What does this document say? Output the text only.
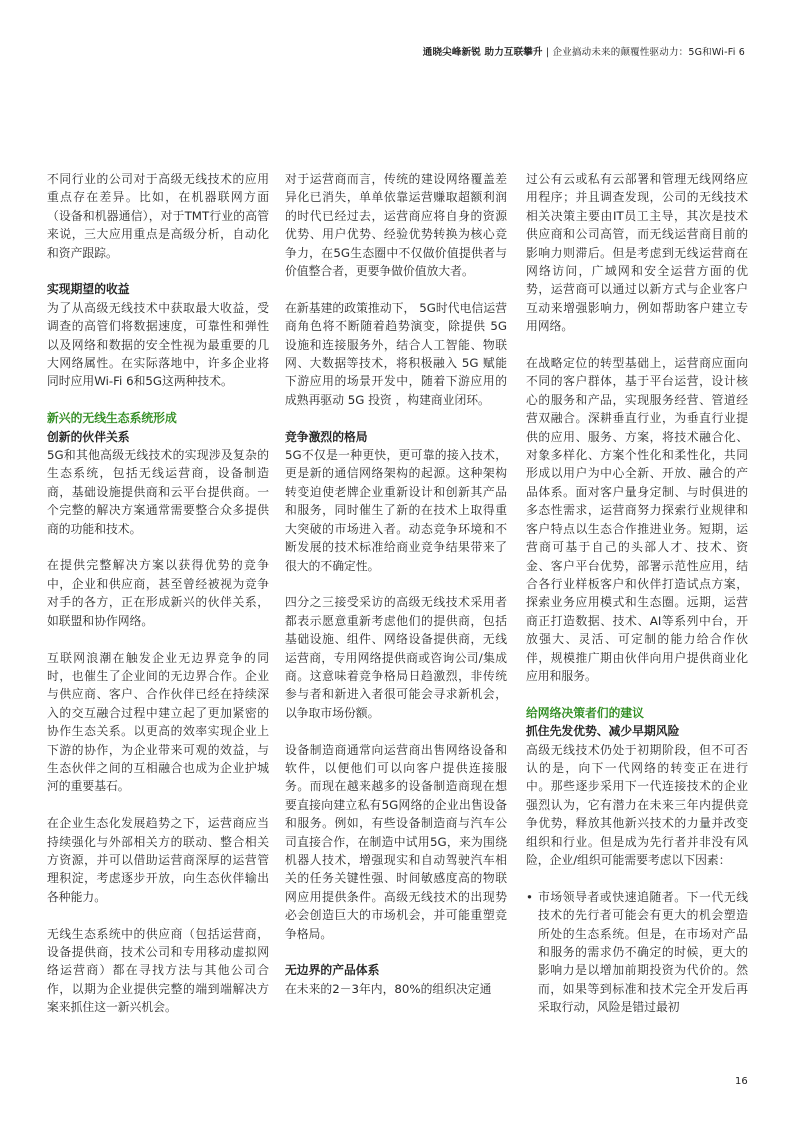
通晓尖峰新锐 助力互联攀升 | 企业搞动未来的颠覆性驱动力：5G和Wi-Fi 6

不同行业的公司对于高级无线技术的应用重点存在差异。比如，在机器联网方面（设备和机器通信），对于TMT行业的高管来说，三大应用重点是高级分析，自动化和资产跟踪。

实现期望的收益

为了从高级无线技术中获取最大收益，受调查的高管们将数据速度，可靠性和弹性以及网络和数据的安全性视为最重要的几大网络属性。在实际落地中，许多企业将同时应用Wi-Fi 6和5G这两种技术。

新兴的无线生态系统形成
创新的伙伴关系

5G和其他高级无线技术的实现涉及复杂的生态系统，包括无线运营商，设备制造商，基础设施提供商和云平台提供商。一个完整的解决方案通常需要整合众多提供商的功能和技术。

在提供完整解决方案以获得优势的竞争中，企业和供应商，甚至曾经被视为竞争对手的各方，正在形成新兴的伙伴关系，如联盟和协作网络。

互联网浪潮在触发企业无边界竞争的同时，也催生了企业间的无边界合作。企业与供应商、客户、合作伙伴已经在持续深入的交互融合过程中建立起了更加紧密的协作生态关系。以更高的效率实现企业上下游的协作，为企业带来可观的效益，与生态伙伴之间的互相融合也成为企业护城河的重要基石。

在企业生态化发展趋势之下，运营商应当持续强化与外部相关方的联动、整合相关方资源，并可以借助运营商深厚的运营管理积淀，考虑逐步开放，向生态伙伴输出各种能力。

无线生态系统中的供应商（包括运营商，设备提供商，技术公司和专用移动虚拟网络运营商）都在寻找方法与其他公司合作，以期为企业提供完整的端到端解决方案来抓住这一新兴机会。

对于运营商而言，传统的建设网络覆盖差异化已消失，单单依靠运营赚取超额利润的时代已经过去，运营商应将自身的资源优势、用户优势、经验优势转换为核心竞争力，在5G生态圈中不仅做价值提供者与价值整合者，更要争做价值放大者。

在新基建的政策推动下， 5G时代电信运营商角色将不断随着趋势演变，除提供 5G 设施和连接服务外，结合人工智能、物联网、大数据等技术，将积极融入 5G 赋能下游应用的场景开发中，随着下游应用的成熟再驱动 5G 投资 ，构建商业闭环。

竞争激烈的格局

5G不仅是一种更快，更可靠的接入技术，更是新的通信网络架构的起源。这种架构转变迫使老牌企业重新设计和创新其产品和服务，同时催生了新的在技术上取得重大突破的市场进入者。动态竞争环境和不断发展的技术标准给商业竞争结果带来了很大的不确定性。

四分之三接受采访的高级无线技术采用者都表示愿意重新考虑他们的提供商，包括基础设施、组件、网络设备提供商，无线运营商，专用网络提供商或咨询公司/集成商。这意味着竞争格局日趋激烈，非传统参与者和新进入者很可能会寻求新机会，以争取市场份额。

设备制造商通常向运营商出售网络设备和软件，以便他们可以向客户提供连接服务。而现在越来越多的设备制造商现在想要直接向建立私有5G网络的企业出售设备和服务。例如，有些设备制造商与汽车公司直接合作，在制造中试用5G，来为围绕机器人技术，增强现实和自动驾驶汽车相关的任务关键性强、时间敏感度高的物联网应用提供条件。高级无线技术的出现势必会创造巨大的市场机会，并可能重塑竞争格局。

无边界的产品体系

在未来的2－3年内，80%的组织决定通

过公有云或私有云部署和管理无线网络应用程序；并且调查发现，公司的无线技术相关决策主要由IT员工主导，其次是技术供应商和公司高管，而无线运营商目前的影响力则滞后。但是考虑到无线运营商在网络访问，广域网和安全运营方面的优势，运营商可以通过以新方式与企业客户互动来增强影响力，例如帮助客户建立专用网络。

在战略定位的转型基础上，运营商应面向不同的客户群体，基于平台运营，设计核心的服务和产品，实现服务经营、管道经营双融合。深耕垂直行业，为垂直行业提供的应用、服务、方案，将技术融合化、对象多样化、方案个性化和柔性化，共同形成以用户为中心全新、开放、融合的产品体系。面对客户量身定制、与时俱进的多态性需求，运营商努力探索行业规律和客户特点以生态合作推进业务。短期，运营商可基于自己的头部人才、技术、资金、客户平台优势，部署示范性应用，结合各行业样板客户和伙伴打造试点方案，探索业务应用模式和生态圈。远期，运营商正打造数据、技术、AI等系列中台，开放强大、灵活、可定制的能力给合作伙伴，规模推广期由伙伴向用户提供商业化应用和服务。

给网络决策者们的建议
抓住先发优势、减少早期风险

高级无线技术仍处于初期阶段，但不可否认的是，向下一代网络的转变正在进行中。那些逐步采用下一代连接技术的企业强烈认为，它有潜力在未来三年内提供竞争优势，释放其他新兴技术的力量并改变组织和行业。但是成为先行者并非没有风险，企业/组织可能需要考虑以下因素：

• 市场领导者或快速追随者。下一代无线技术的先行者可能会有更大的机会塑造所处的生态系统。但是，在市场对产品和服务的需求仍不确定的时候，更大的影响力是以增加前期投资为代价的。然而，如果等到标准和技术完全开发后再采取行动，风险是错过最初
16
